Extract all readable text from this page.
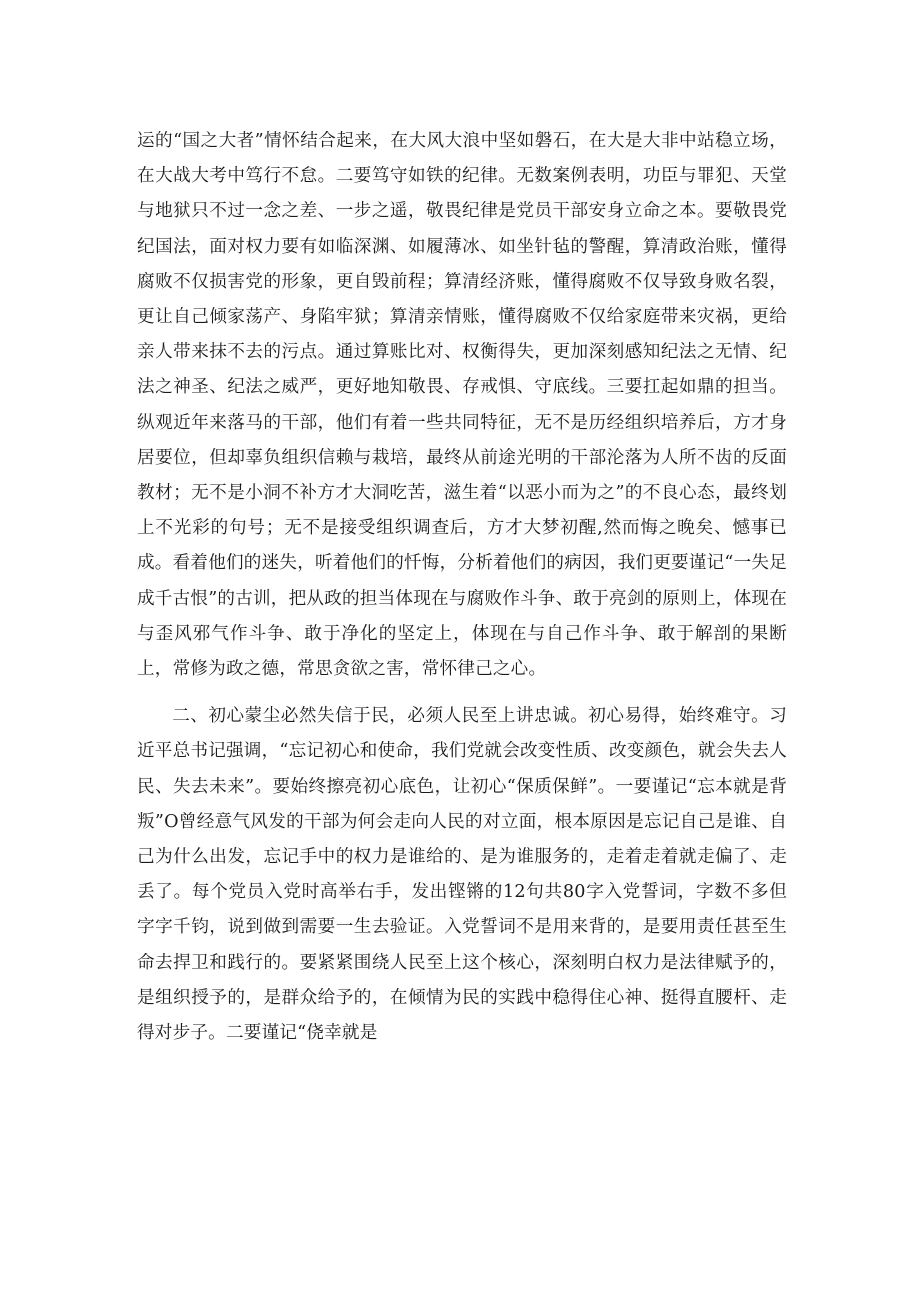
运的“国之大者”情怀结合起来，在大风大浪中坚如磐石，在大是大非中站稳立场，在大战大考中笃行不怠。二要笃守如铁的纪律。无数案例表明，功臣与罪犯、天堂与地狱只不过一念之差、一步之遥，敬畏纪律是党员干部安身立命之本。要敬畏党纪国法，面对权力要有如临深渊、如履薄冰、如坐针毡的警醒，算清政治账，懂得腐败不仅损害党的形象，更自毁前程；算清经济账，懂得腐败不仅导致身败名裂，更让自己倾家荡产、身陷牢狱；算清亲情账，懂得腐败不仅给家庭带来灾祸，更给亲人带来抹不去的污点。通过算账比对、权衡得失，更加深刻感知纪法之无情、纪法之神圣、纪法之威严，更好地知敬畏、存戒惧、守底线。三要扛起如鼎的担当。纵观近年来落马的干部，他们有着一些共同特征，无不是历经组织培养后，方才身居要位，但却辜负组织信赖与栽培，最终从前途光明的干部沦落为人所不齿的反面教材；无不是小洞不补方才大洞吃苦，滋生着“以恶小而为之”的不良心态，最终划上不光彩的句号；无不是接受组织调查后，方才大梦初醒,然而悔之晚矣、憾事已成。看着他们的迷失，听着他们的忏悔，分析着他们的病因，我们更要谨记“一失足成千古恨”的古训，把从政的担当体现在与腐败作斗争、敢于亮剑的原则上，体现在与歪风邪气作斗争、敢于净化的坚定上，体现在与自己作斗争、敢于解剖的果断上，常修为政之德，常思贪欲之害，常怀律己之心。

二、初心蒙尘必然失信于民，必须人民至上讲忠诚。初心易得，始终难守。习近平总书记强调，“忘记初心和使命，我们党就会改变性质、改变颜色，就会失去人民、失去未来”。要始终擦亮初心底色，让初心“保质保鲜”。一要谨记“忘本就是背叛”O曾经意气风发的干部为何会走向人民的对立面，根本原因是忘记自己是谁、自己为什么出发，忘记手中的权力是谁给的、是为谁服务的，走着走着就走偏了、走丢了。每个党员入党时高举右手，发出铿锵的12句共80字入党誓词，字数不多但字字千钧，说到做到需要一生去验证。入党誓词不是用来背的，是要用责任甚至生命去捍卫和践行的。要紧紧围绕人民至上这个核心，深刻明白权力是法律赋予的，是组织授予的，是群众给予的，在倾情为民的实践中稳得住心神、挺得直腰杆、走得对步子。二要谨记“侥幸就是
